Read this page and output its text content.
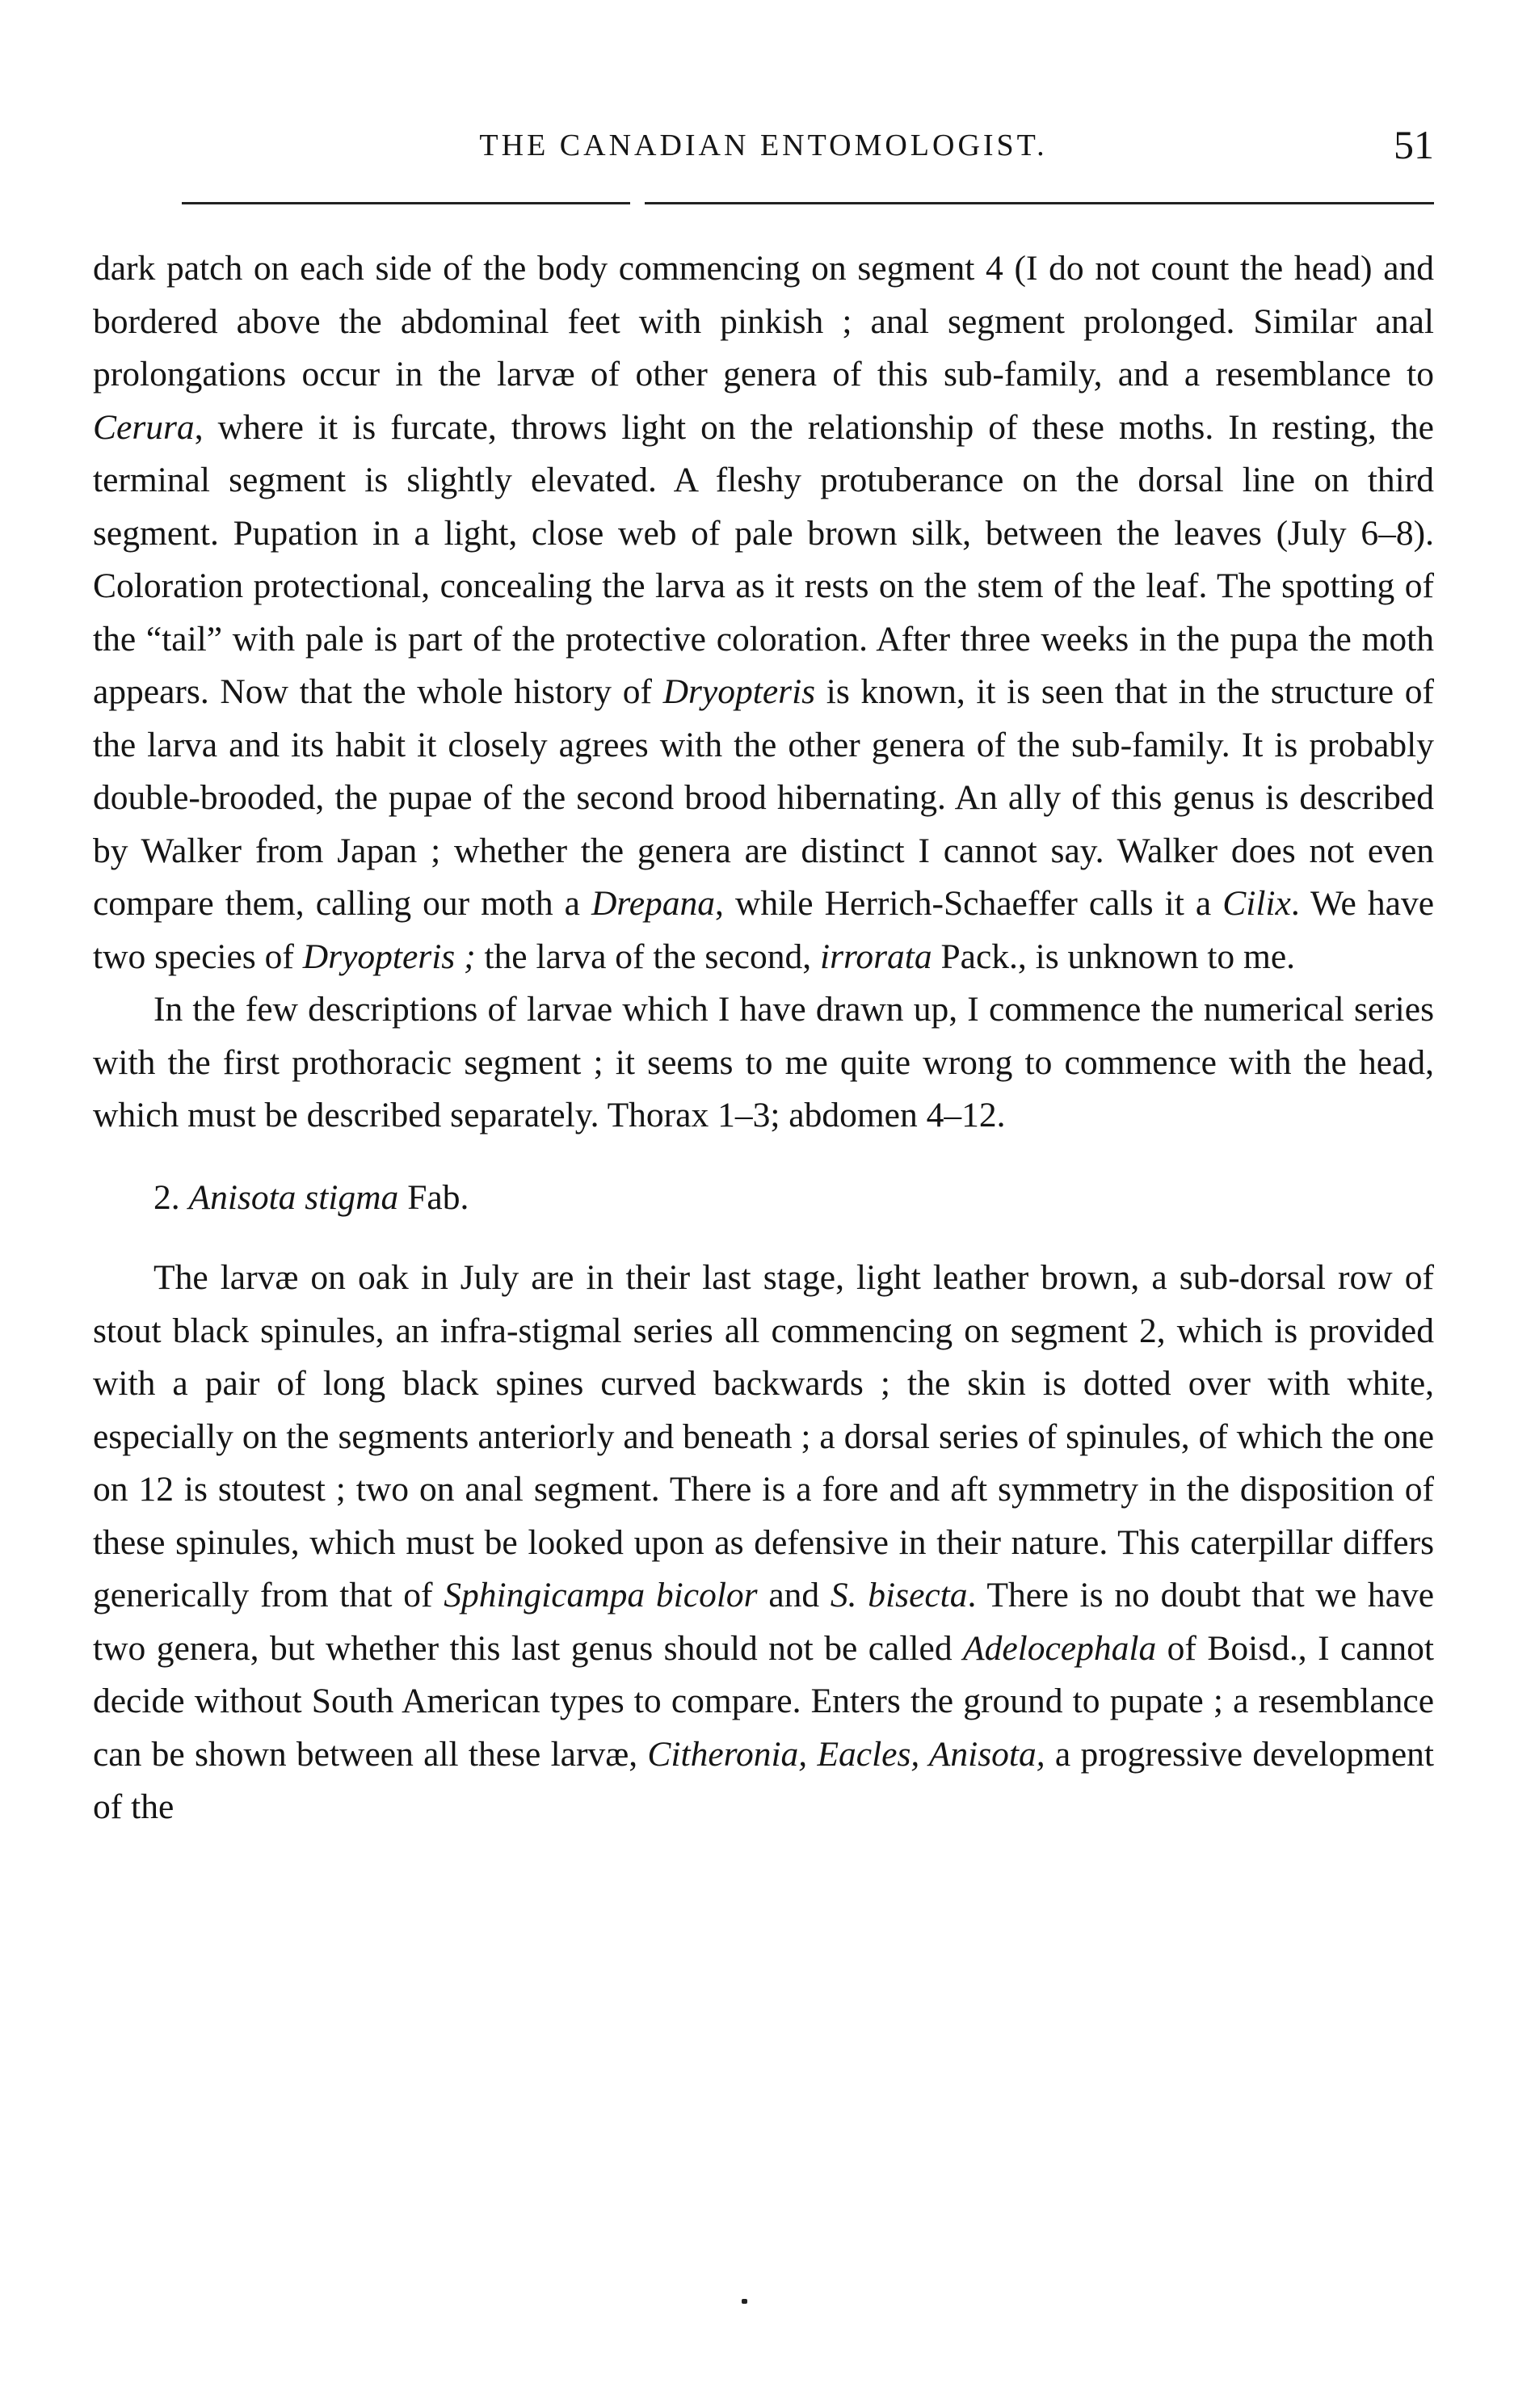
THE CANADIAN ENTOMOLOGIST.	51

dark patch on each side of the body commencing on segment 4 (I do not count the head) and bordered above the abdominal feet with pinkish ; anal segment prolonged. Similar anal prolongations occur in the larvæ of other genera of this sub-family, and a resemblance to Cerura, where it is furcate, throws light on the relationship of these moths. In resting, the terminal segment is slightly elevated. A fleshy protuberance on the dorsal line on third segment. Pupation in a light, close web of pale brown silk, between the leaves (July 6–8). Coloration protectional, concealing the larva as it rests on the stem of the leaf. The spotting of the “tail” with pale is part of the protective coloration. After three weeks in the pupa the moth appears. Now that the whole history of Dryopteris is known, it is seen that in the structure of the larva and its habit it closely agrees with the other genera of the sub-family. It is probably double-brooded, the pupae of the second brood hibernating. An ally of this genus is described by Walker from Japan ; whether the genera are distinct I cannot say. Walker does not even compare them, calling our moth a Drepana, while Herrich-Schaeffer calls it a Cilix. We have two species of Dryopteris ; the larva of the second, irrorata Pack., is unknown to me.

In the few descriptions of larvae which I have drawn up, I commence the numerical series with the first prothoracic segment ; it seems to me quite wrong to commence with the head, which must be described separately. Thorax 1–3; abdomen 4–12.

2. Anisota stigma Fab.

The larvæ on oak in July are in their last stage, light leather brown, a sub-dorsal row of stout black spinules, an infra-stigmal series all commencing on segment 2, which is provided with a pair of long black spines curved backwards ; the skin is dotted over with white, especially on the segments anteriorly and beneath ; a dorsal series of spinules, of which the one on 12 is stoutest ; two on anal segment. There is a fore and aft symmetry in the disposition of these spinules, which must be looked upon as defensive in their nature. This caterpillar differs generically from that of Sphingicampa bicolor and S. bisecta. There is no doubt that we have two genera, but whether this last genus should not be called Adelocephala of Boisd., I cannot decide without South American types to compare. Enters the ground to pupate ; a resemblance can be shown between all these larvæ, Citheronia, Eacles, Anisota, a progressive development of the
